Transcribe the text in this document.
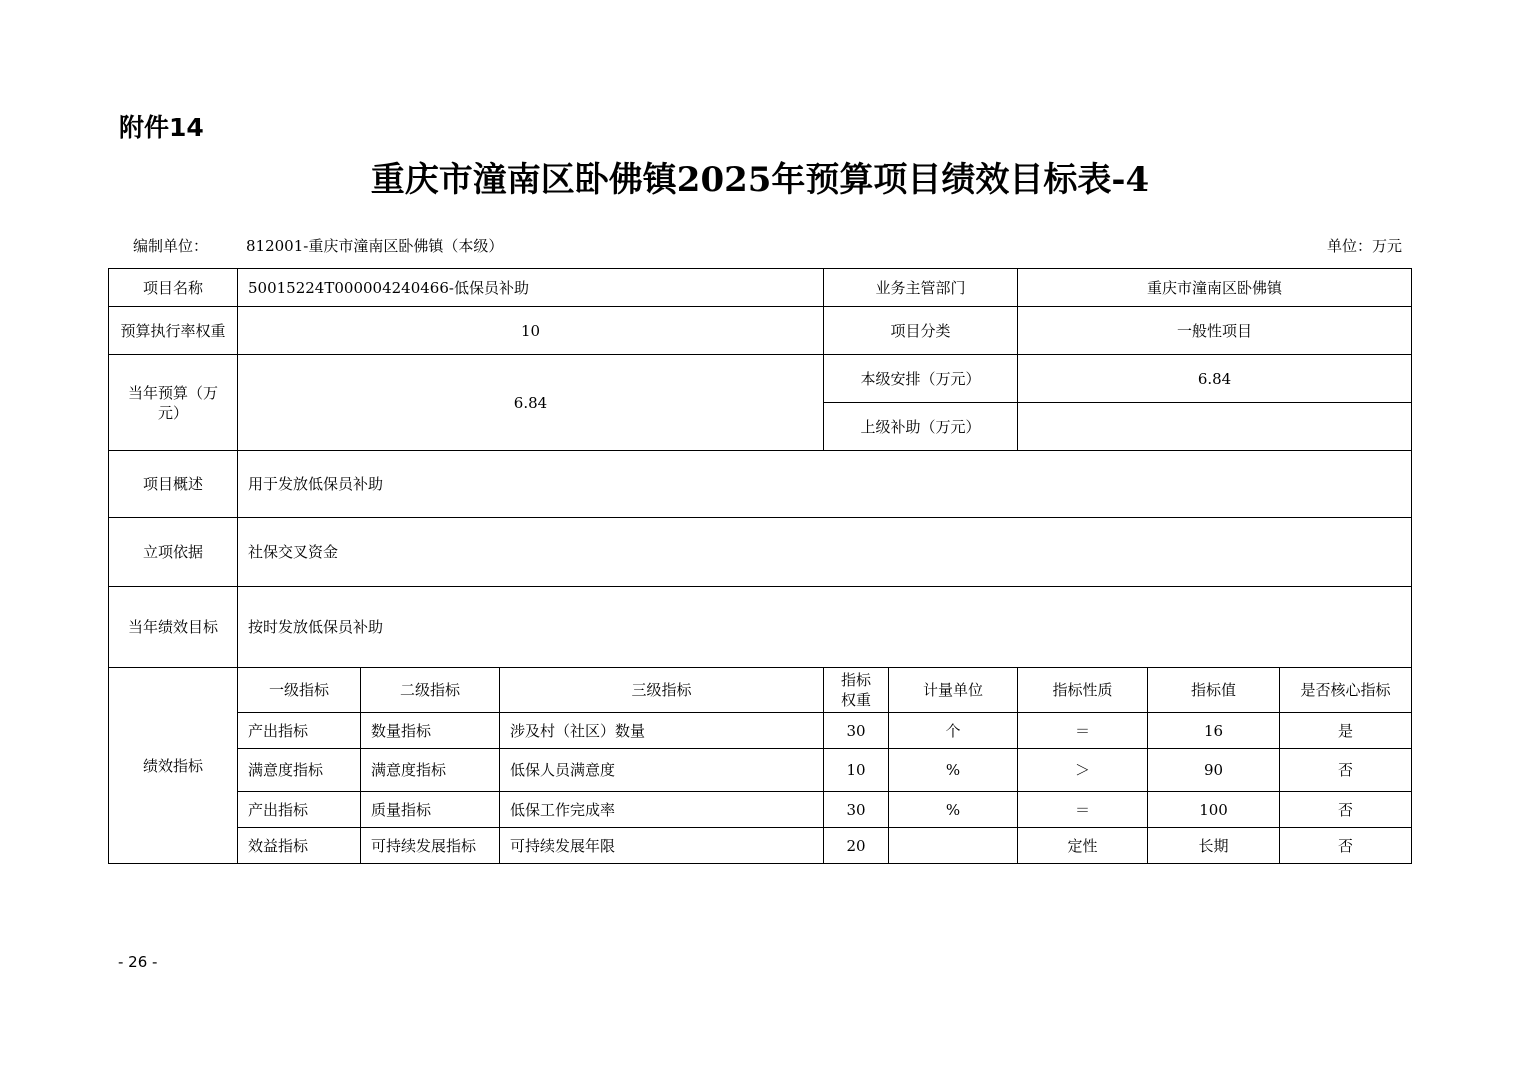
附件14
重庆市潼南区卧佛镇2025年预算项目绩效目标表-4
编制单位：	812001-重庆市潼南区卧佛镇（本级）	单位：万元
项目名称	50015224T000004240466-低保员补助			业务主管部门		重庆市潼南区卧佛镇		
预算执行率权重	10			项目分类		一般性项目		
当年预算（万元）	6.84			本级安排（万元）		6.84		
				上级补助（万元）				
项目概述	用于发放低保员补助							
立项依据	社保交叉资金							
当年绩效目标	按时发放低保员补助							
绩效指标	一级指标	二级指标	三级指标	指标权重	计量单位	指标性质	指标值	是否核心指标
	产出指标	数量指标	涉及村（社区）数量	30	个	＝	16	是
	满意度指标	满意度指标	低保人员满意度	10	%	＞	90	否
	产出指标	质量指标	低保工作完成率	30	%	＝	100	否
	效益指标	可持续发展指标	可持续发展年限	20		定性	长期	否
- 26 -
